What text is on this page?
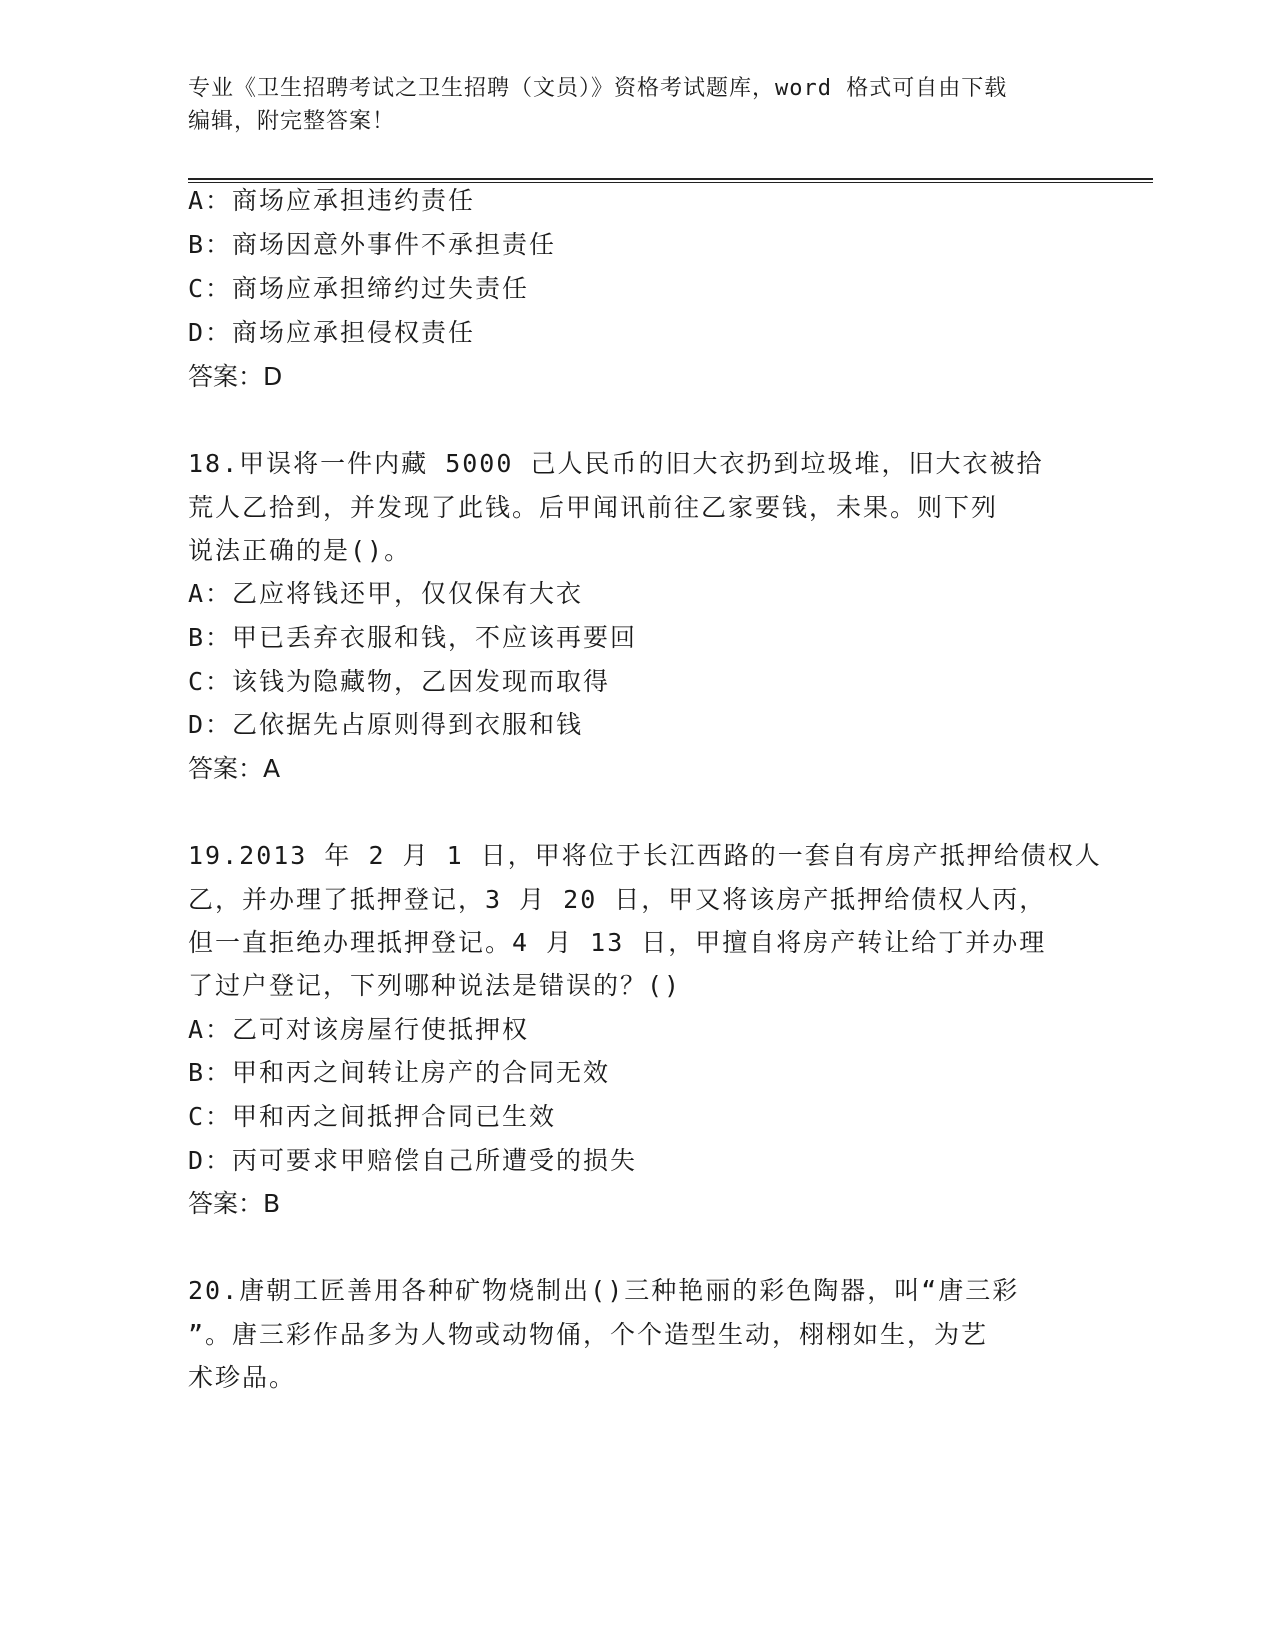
专业《卫生招聘考试之卫生招聘（文员）》资格考试题库，word 格式可自由下载
编辑，附完整答案！
A：商场应承担违约责任
B：商场因意外事件不承担责任
C：商场应承担缔约过失责任
D：商场应承担侵权责任
答案：D
18.甲误将一件内藏 5000 己人民币的旧大衣扔到垃圾堆，旧大衣被拾
荒人乙拾到，并发现了此钱。后甲闻讯前往乙家要钱，未果。则下列
说法正确的是()。
A：乙应将钱还甲，仅仅保有大衣
B：甲已丢弃衣服和钱，不应该再要回
C：该钱为隐藏物，乙因发现而取得
D：乙依据先占原则得到衣服和钱
答案：A
19.2013 年 2 月 1 日，甲将位于长江西路的一套自有房产抵押给债权人
乙，并办理了抵押登记，3 月 20 日，甲又将该房产抵押给债权人丙，
但一直拒绝办理抵押登记。4 月 13 日，甲擅自将房产转让给丁并办理
了过户登记，下列哪种说法是错误的？()
A：乙可对该房屋行使抵押权
B：甲和丙之间转让房产的合同无效
C：甲和丙之间抵押合同已生效
D：丙可要求甲赔偿自己所遭受的损失
答案：B
20.唐朝工匠善用各种矿物烧制出()三种艳丽的彩色陶器，叫“唐三彩
”。唐三彩作品多为人物或动物俑，个个造型生动，栩栩如生，为艺
术珍品。
